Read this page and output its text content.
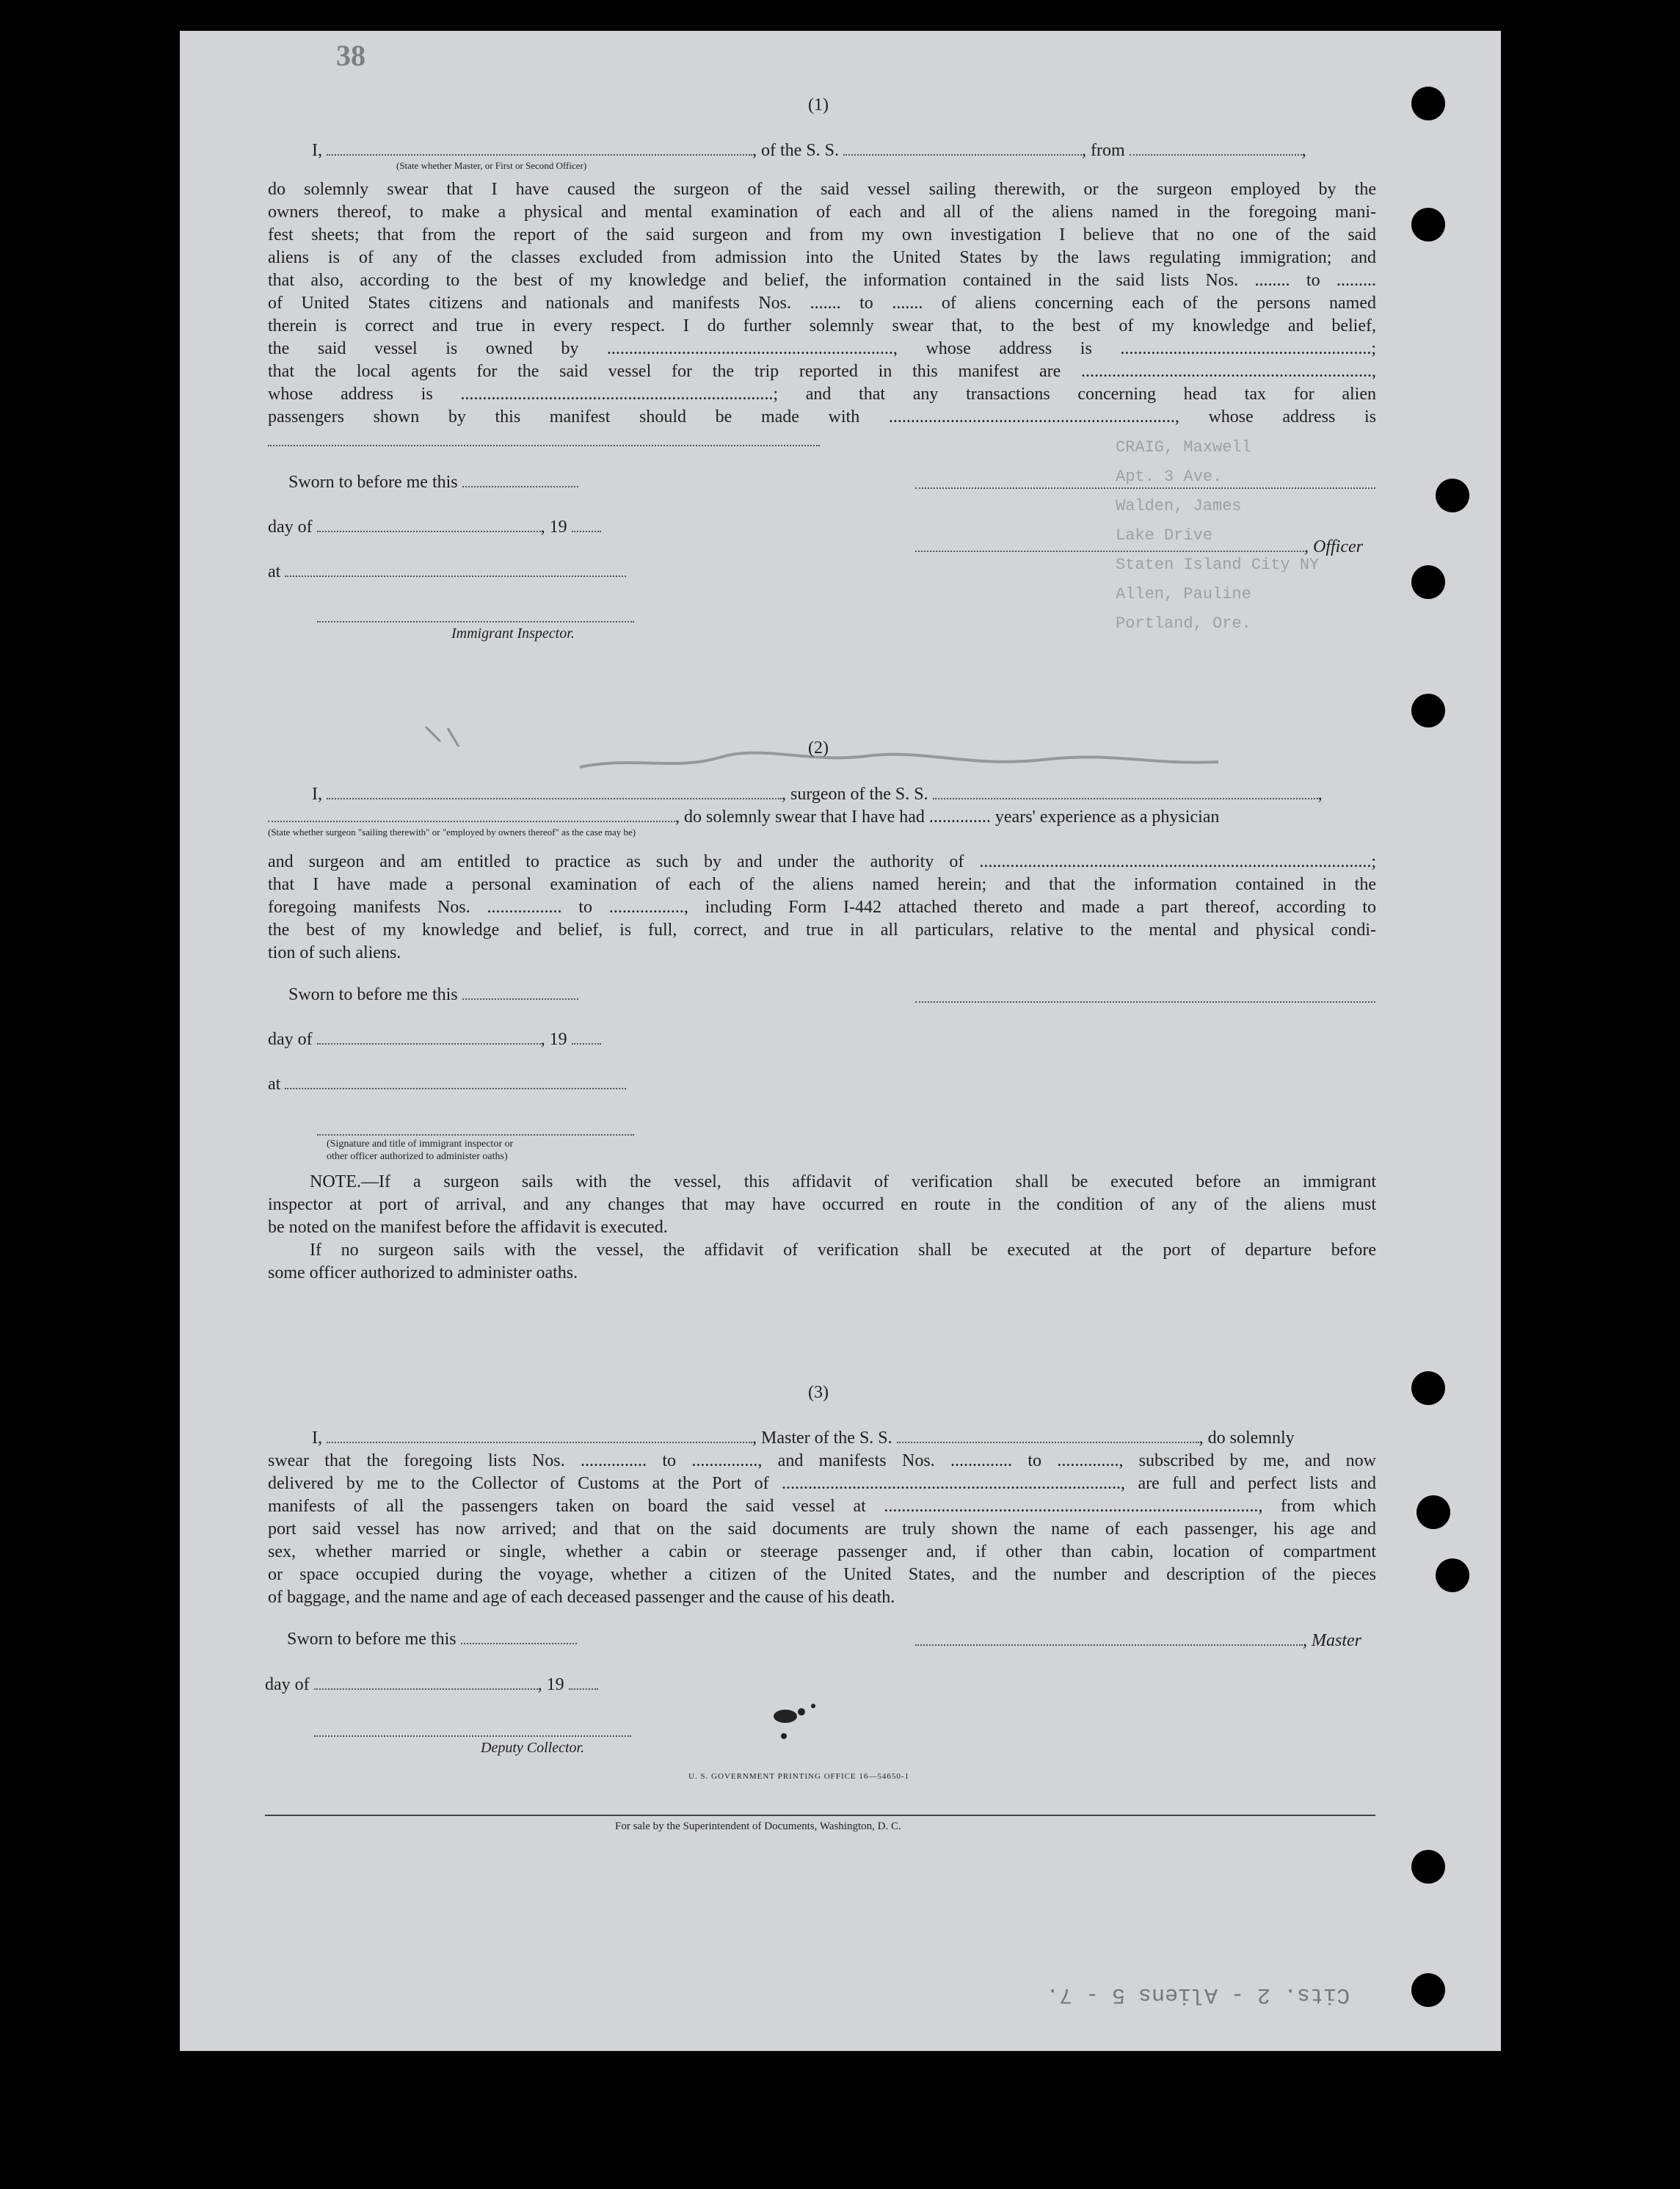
38

(1)
I,	, of the S. S.	, from	,
(State whether Master, or First or Second Officer)
do solemnly swear that I have caused the surgeon of the said vessel sailing therewith, or the surgeon employed by the
owners thereof, to make a physical and mental examination of each and all of the aliens named in the foregoing mani-
fest sheets; that from the report of the said surgeon and from my own investigation I believe that no one of the said
aliens is of any of the classes excluded from admission into the United States by the laws regulating immigration; and
that also, according to the best of my knowledge and belief, the information contained in the said lists Nos. ........ to .........
of United States citizens and nationals and manifests Nos. ....... to ....... of aliens concerning each of the persons named
therein is correct and true in every respect. I do further solemnly swear that, to the best of my knowledge and belief,
the said vessel is owned by ................................................................., whose address is .........................................................;
that the local agents for the said vessel for the trip reported in this manifest are ..................................................................,
whose address is .......................................................................; and that any transactions concerning head tax for alien
passengers shown by this manifest should be made with ................................................................., whose address is
Sworn to before me this
day of	, 19
at
Immigrant Inspector.
, Officer
CRAIG, Maxwell
Apt. 3 Ave.
Walden, James
Lake Drive
Staten Island City NY
Allen, Pauline
Portland, Ore.
(2)
I,	, surgeon of the S. S.	,
, do solemnly swear that I have had .............. years' experience as a physician
(State whether surgeon "sailing therewith" or "employed by owners thereof" as the case may be)
and surgeon and am entitled to practice as such by and under the authority of .........................................................................................;
that I have made a personal examination of each of the aliens named herein; and that the information contained in the
foregoing manifests Nos. ................. to ................., including Form I-442 attached thereto and made a part thereof, according to
the best of my knowledge and belief, is full, correct, and true in all particulars, relative to the mental and physical condi-
tion of such aliens.
Sworn to before me this
day of	, 19
at
(Signature and title of immigrant inspector or
other officer authorized to administer oaths)
NOTE.—If a surgeon sails with the vessel, this affidavit of verification shall be executed before an immigrant
inspector at port of arrival, and any changes that may have occurred en route in the condition of any of the aliens must
be noted on the manifest before the affidavit is executed.
If no surgeon sails with the vessel, the affidavit of verification shall be executed at the port of departure before
some officer authorized to administer oaths.
(3)
I,	, Master of the S. S.	, do solemnly
swear that the foregoing lists Nos. ............... to ..............., and manifests Nos. .............. to .............., subscribed by me, and now
delivered by me to the Collector of Customs at the Port of ............................................................................., are full and perfect lists and
manifests of all the passengers taken on board the said vessel at ....................................................................................., from which
port said vessel has now arrived; and that on the said documents are truly shown the name of each passenger, his age and
sex, whether married or single, whether a cabin or steerage passenger and, if other than cabin, location of compartment
or space occupied during the voyage, whether a citizen of the United States, and the number and description of the pieces
of baggage, and the name and age of each deceased passenger and the cause of his death.
Sworn to before me this	, Master
day of	, 19
Deputy Collector.
U. S. GOVERNMENT PRINTING OFFICE 16—54650-1
For sale by the Superintendent of Documents, Washington, D. C.
Cits. 2 - Aliens 5 - 7.
